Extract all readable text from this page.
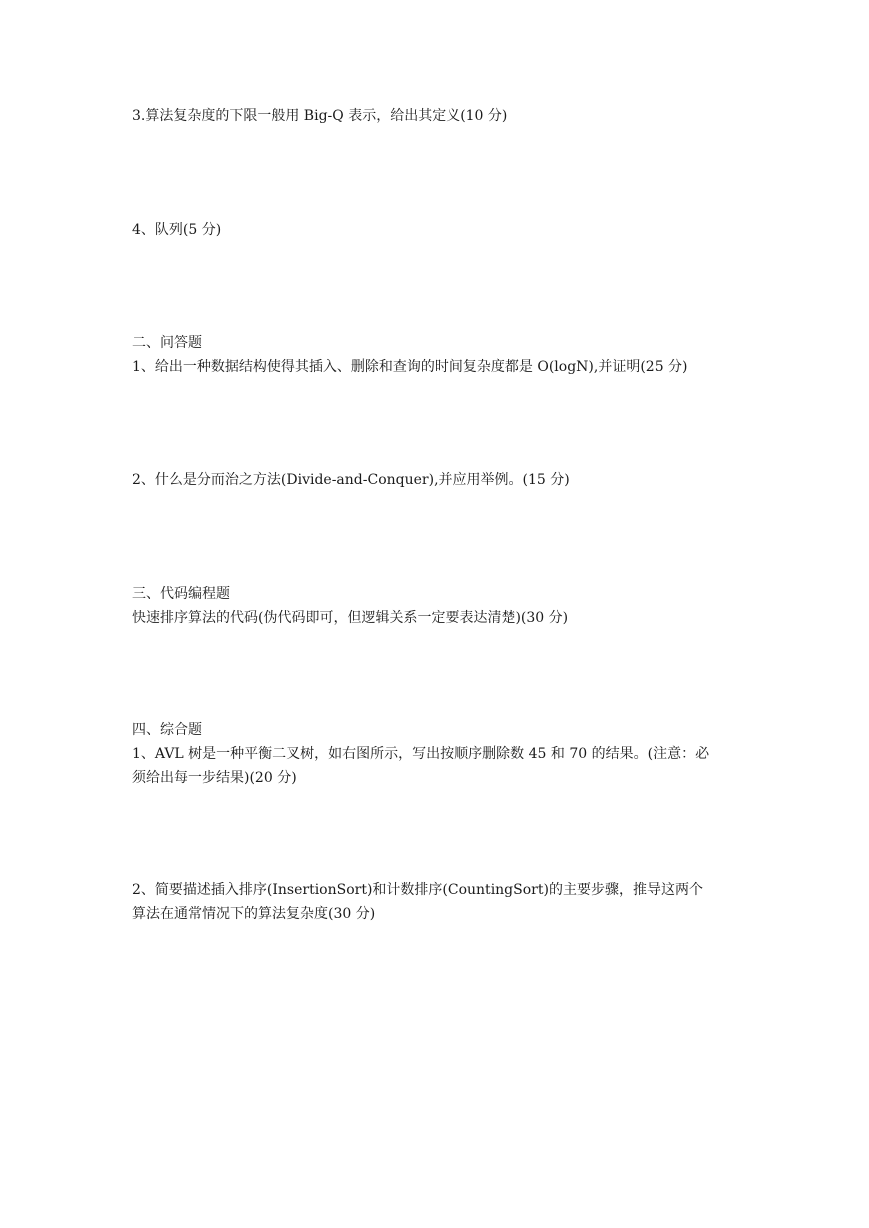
3.算法复杂度的下限一般用 Big-Q 表示，给出其定义(10 分)
4、队列(5 分)
二、问答题
1、给出一种数据结构使得其插入、删除和查询的时间复杂度都是 O(logN),并证明(25 分)
2、什么是分而治之方法(Divide-and-Conquer),并应用举例。(15 分)
三、代码编程题
快速排序算法的代码(伪代码即可，但逻辑关系一定要表达清楚)(30 分)
四、综合题
1、AVL 树是一种平衡二叉树，如右图所示，写出按顺序删除数 45 和 70 的结果。(注意：必
须给出每一步结果)(20 分)
2、简要描述插入排序(InsertionSort)和计数排序(CountingSort)的主要步骤，推导这两个
算法在通常情况下的算法复杂度(30 分)
